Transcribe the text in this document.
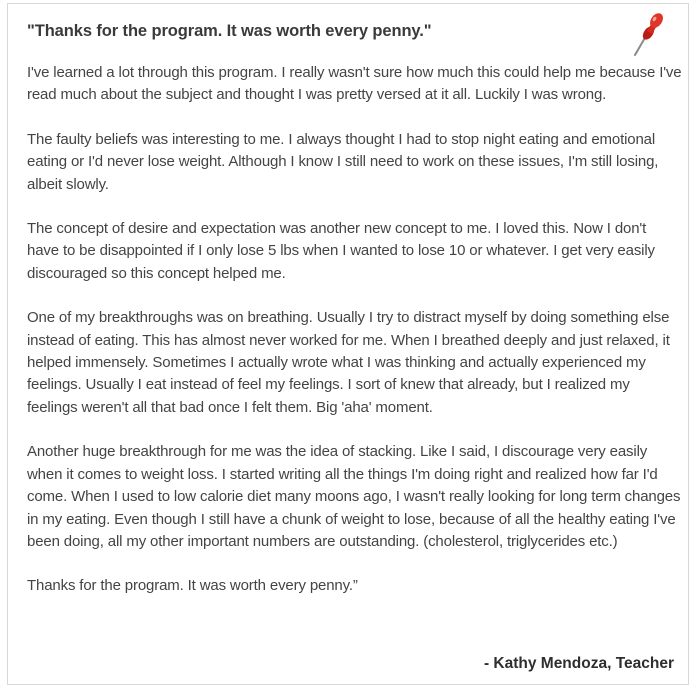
"Thanks for the program. It was worth every penny."

I've learned a lot through this program. I really wasn't sure how much this could help me because I've read much about the subject and thought I was pretty versed at it all. Luckily I was wrong.

The faulty beliefs was interesting to me. I always thought I had to stop night eating and emotional eating or I'd never lose weight. Although I know I still need to work on these issues, I'm still losing, albeit slowly.

The concept of desire and expectation was another new concept to me. I loved this. Now I don't have to be disappointed if I only lose 5 lbs when I wanted to lose 10 or whatever. I get very easily discouraged so this concept helped me.

One of my breakthroughs was on breathing. Usually I try to distract myself by doing something else instead of eating. This has almost never worked for me. When I breathed deeply and just relaxed, it helped immensely. Sometimes I actually wrote what I was thinking and actually experienced my feelings. Usually I eat instead of feel my feelings. I sort of knew that already, but I realized my feelings weren't all that bad once I felt them. Big 'aha' moment.

Another huge breakthrough for me was the idea of stacking. Like I said, I discourage very easily when it comes to weight loss. I started writing all the things I'm doing right and realized how far I'd come. When I used to low calorie diet many moons ago, I wasn't really looking for long term changes in my eating. Even though I still have a chunk of weight to lose, because of all the healthy eating I've been doing, all my other important numbers are outstanding. (cholesterol, triglycerides etc.)

Thanks for the program. It was worth every penny.”

- Kathy Mendoza, Teacher
